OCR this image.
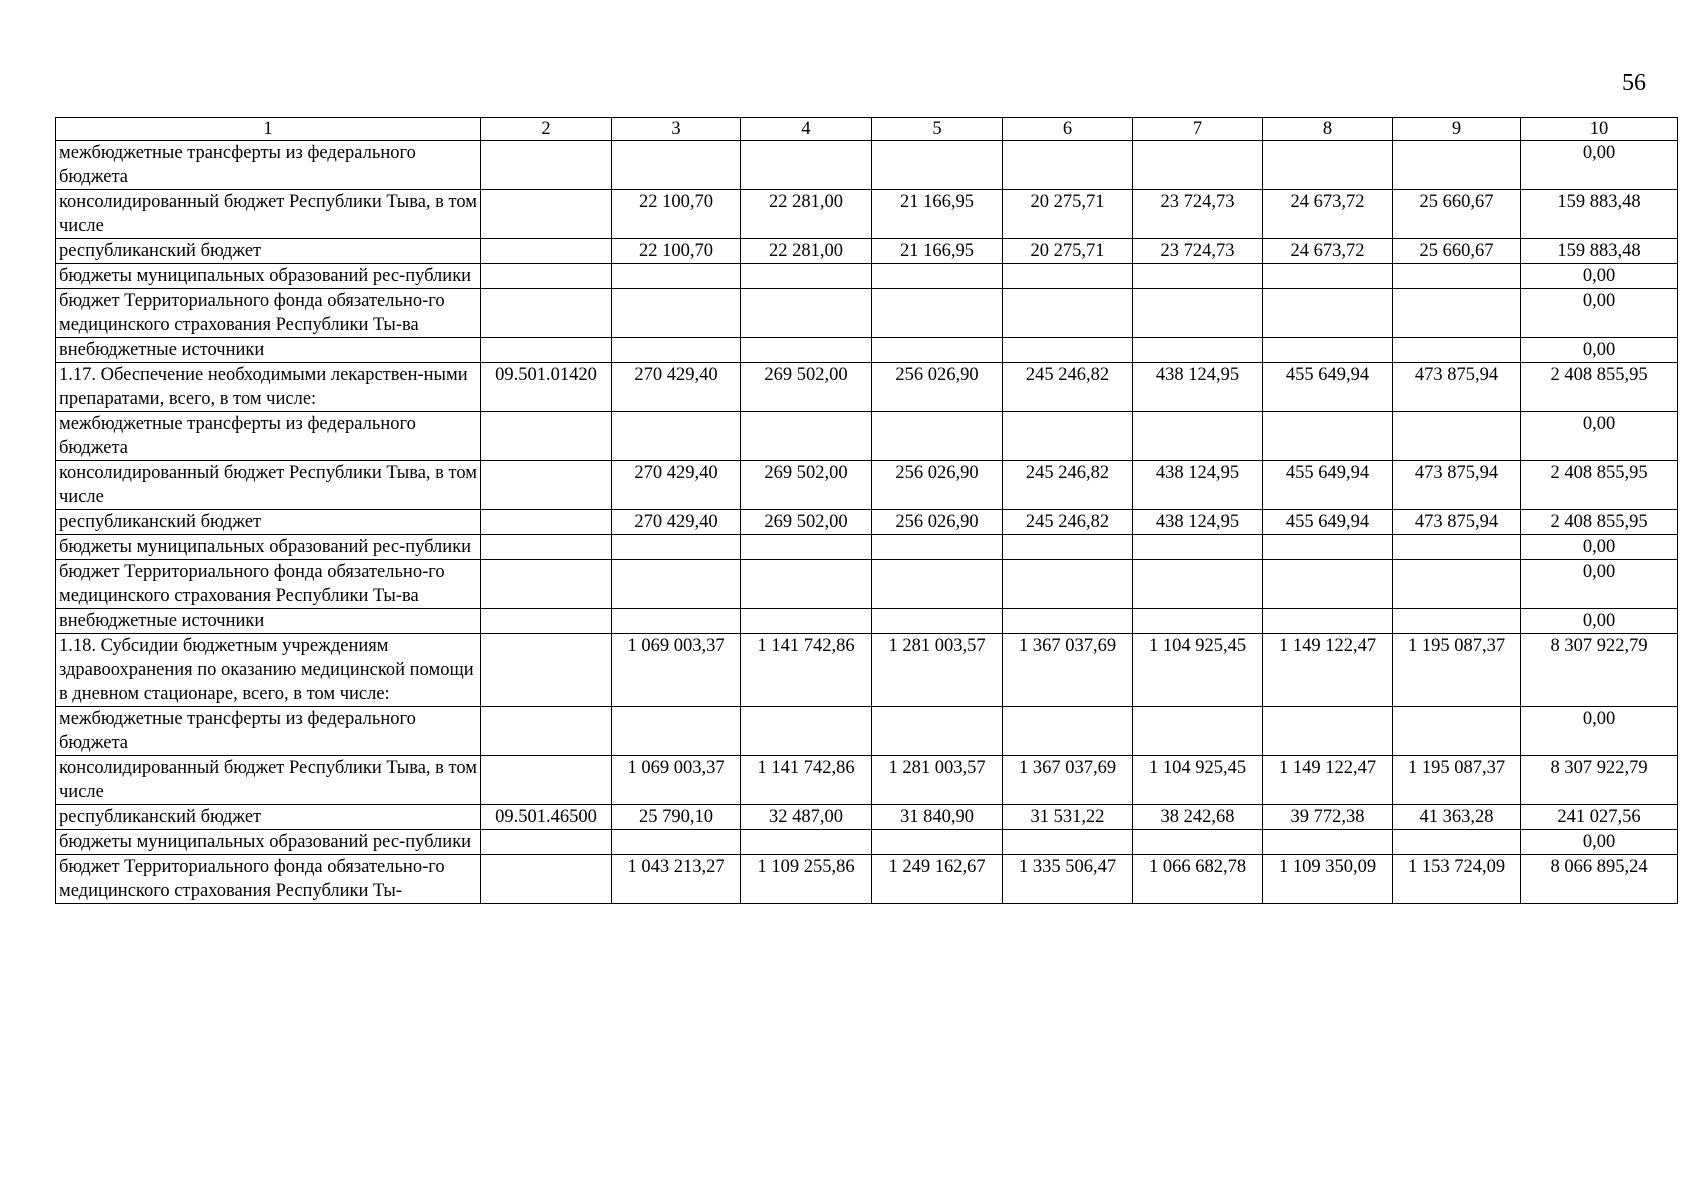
56
1	2	3	4	5	6	7	8	9	10
межбюджетные трансферты из федерального бюджета									0,00
консолидированный бюджет Республики Тыва, в том числе		22 100,70	22 281,00	21 166,95	20 275,71	23 724,73	24 673,72	25 660,67	159 883,48
республиканский бюджет		22 100,70	22 281,00	21 166,95	20 275,71	23 724,73	24 673,72	25 660,67	159 883,48
бюджеты муниципальных образований рес-публики									0,00
бюджет Территориального фонда обязательно-го медицинского страхования Республики Ты-ва									0,00
внебюджетные источники									0,00
1.17. Обеспечение необходимыми лекарствен-ными препаратами, всего, в том числе:	09.501.01420	270 429,40	269 502,00	256 026,90	245 246,82	438 124,95	455 649,94	473 875,94	2 408 855,95
межбюджетные трансферты из федерального бюджета									0,00
консолидированный бюджет Республики Тыва, в том числе		270 429,40	269 502,00	256 026,90	245 246,82	438 124,95	455 649,94	473 875,94	2 408 855,95
республиканский бюджет		270 429,40	269 502,00	256 026,90	245 246,82	438 124,95	455 649,94	473 875,94	2 408 855,95
бюджеты муниципальных образований рес-публики									0,00
бюджет Территориального фонда обязательно-го медицинского страхования Республики Ты-ва									0,00
внебюджетные источники									0,00
1.18. Субсидии бюджетным учреждениям здравоохранения по оказанию медицинской помощи в дневном стационаре, всего, в том числе:		1 069 003,37	1 141 742,86	1 281 003,57	1 367 037,69	1 104 925,45	1 149 122,47	1 195 087,37	8 307 922,79
межбюджетные трансферты из федерального бюджета									0,00
консолидированный бюджет Республики Тыва, в том числе		1 069 003,37	1 141 742,86	1 281 003,57	1 367 037,69	1 104 925,45	1 149 122,47	1 195 087,37	8 307 922,79
республиканский бюджет	09.501.46500	25 790,10	32 487,00	31 840,90	31 531,22	38 242,68	39 772,38	41 363,28	241 027,56
бюджеты муниципальных образований рес-публики									0,00
бюджет Территориального фонда обязательно-го медицинского страхования Республики Ты-		1 043 213,27	1 109 255,86	1 249 162,67	1 335 506,47	1 066 682,78	1 109 350,09	1 153 724,09	8 066 895,24
